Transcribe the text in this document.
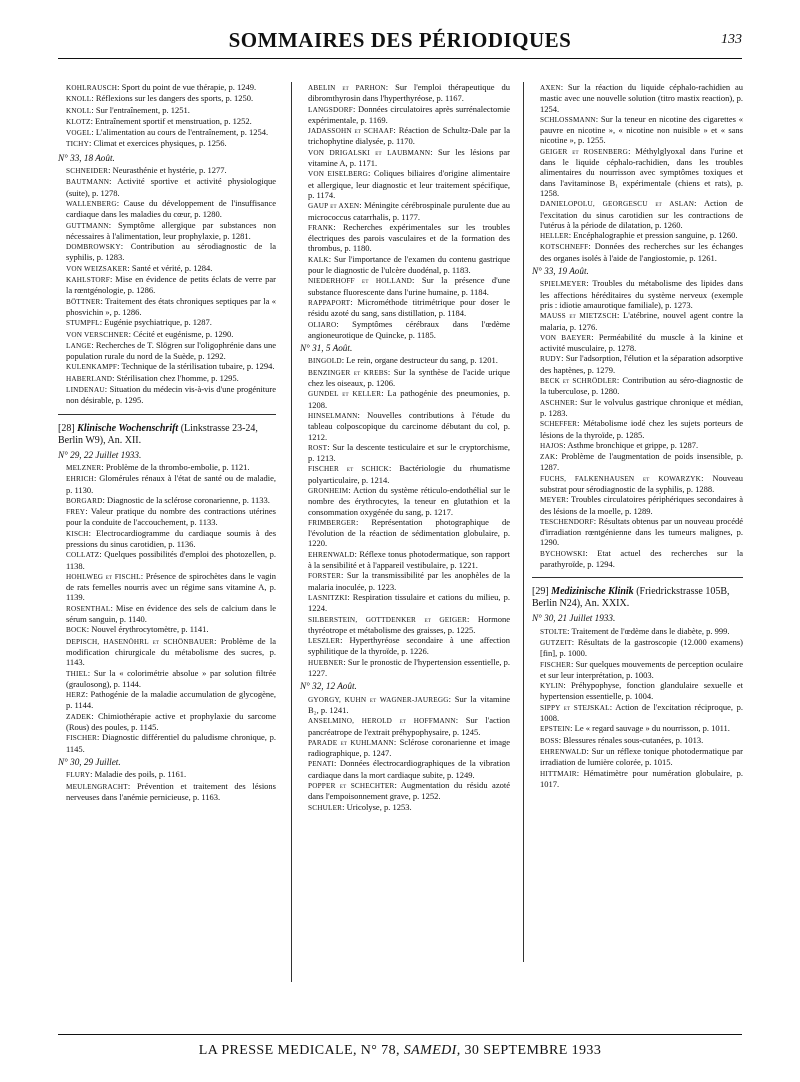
SOMMAIRES DES PÉRIODIQUES	133

KOHLRAUSCH: Sport du point de vue thérapie, p. 1249.

KNOLL: Réflexions sur les dangers des sports, p. 1250.

KNOLL: Sur l'entraînement, p. 1251.

KLOTZ: Entraînement sportif et menstruation, p. 1252.

VOGEL: L'alimentation au cours de l'entraînement, p. 1254.

TICHY: Climat et exercices physiques, p. 1256.

N° 33, 18 Août.

SCHNEIDER: Neurasthénie et hystérie, p. 1277.

BAUTMANN: Activité sportive et activité physiologique (suite), p. 1278.

WALLENBERG: Cause du développement de l'insuffisance cardiaque dans les maladies du cœur, p. 1280.

GUTTMANN: Symptôme allergique par substances non nécessaires à l'alimentation, leur prophylaxie, p. 1281.

DOMBROWSKY: Contribution au sérodiagnostic de la syphilis, p. 1283.

VON WEIZSAKER: Santé et vérité, p. 1284.

KAHLSTORF: Mise en évidence de petits éclats de verre par la rœntgénologie, p. 1286.

BÖTTNER: Traitement des états chroniques septiques par la « phosvichin », p. 1286.

STUMPFL: Eugénie psychiatrique, p. 1287.

VON VERSCHNER: Cécité et eugénisme, p. 1290.

LANGE: Recherches de T. Slögren sur l'oligophrénie dans une population rurale du nord de la Suède, p. 1292.

KULENKAMPF: Technique de la stérilisation tubaire, p. 1294.

HABERLAND: Stérilisation chez l'homme, p. 1295.

LINDENAU: Situation du médecin vis-à-vis d'une progéniture non désirable, p. 1295.

[28] Klinische Wochenschrift (Linkstrasse 23-24, Berlin W9), An. XII.
N° 29, 22 Juillet 1933.

MELZNER: Problème de la thrombo-embolie, p. 1121.

EHRICH: Glomérules rénaux à l'état de santé ou de maladie, p. 1130.

BORGARD: Diagnostic de la sclérose coronarienne, p. 1133.

FREY: Valeur pratique du nombre des contractions utérines pour la conduite de l'accouchement, p. 1133.

KISCH: Electrocardiogramme du cardiaque soumis à des pressions du sinus carotidien, p. 1136.

COLLATZ: Quelques possibilités d'emploi des photozellen, p. 1138.

HOHLWEG et FISCHL: Présence de spirochètes dans le vagin de rats femelles nourris avec un régime sans vitamine A, p. 1139.

ROSENTHAL: Mise en évidence des sels de calcium dans le sérum sanguin, p. 1140.

BOCK: Nouvel érythrocytomètre, p. 1141.

DEPISCH, HASENÖHRL et SCHÖNBAUER: Problème de la modification chirurgicale du métabolisme des sucres, p. 1143.

THIEL: Sur la « colorimétrie absolue » par solution filtrée (graulosong), p. 1144.

HERZ: Pathogénie de la maladie accumulation de glycogène, p. 1144.

ZADEK: Chimiothérapie active et prophylaxie du sarcome (Rous) des poules, p. 1145.

FISCHER: Diagnostic différentiel du paludisme chronique, p. 1145.

N° 30, 29 Juillet.

FLURY: Maladie des poils, p. 1161.

MEULENGRACHT: Prévention et traitement des lésions nerveuses dans l'anémie pernicieuse, p. 1163.

ABELIN et PARHON: Sur l'emploi thérapeutique du dibromthyrosin dans l'hyperthyréose, p. 1167.

LANGSDORF: Données circulatoires après surrénalectomie expérimentale, p. 1169.

JADASSOHN et SCHAAF: Réaction de Schultz-Dale par la trichophytine dialysée, p. 1170.

VON DRIGALSKI et LAUBMANN: Sur les lésions par vitamine A, p. 1171.

VON EISELBERG: Coliques biliaires d'origine alimentaire et allergique, leur diagnostic et leur traitement spécifique, p. 1174.

GAUP et AXEN: Méningite cérébrospinale purulente due au micrococcus catarrhalis, p. 1177.

FRANK: Recherches expérimentales sur les troubles électriques des parois vasculaires et de la formation des thrombus, p. 1180.

KALK: Sur l'importance de l'examen du contenu gastrique pour le diagnostic de l'ulcère duodénal, p. 1183.

NIEDERHOFF et HOLLAND: Sur la présence d'une substance fluorescente dans l'urine humaine, p. 1184.

RAPPAPORT: Microméthode titrimétrique pour doser le résidu azoté du sang, sans distillation, p. 1184.

OLIARO: Symptômes cérébraux dans l'œdème angioneurotique de Quincke, p. 1185.

N° 31, 5 Août.

BINGOLD: Le rein, organe destructeur du sang, p. 1201.

BENZINGER et KREBS: Sur la synthèse de l'acide urique chez les oiseaux, p. 1206.

GUNDEL et KELLER: La pathogénie des pneumonies, p. 1208.

HINSELMANN: Nouvelles contributions à l'étude du tableau colposcopique du carcinome débutant du col, p. 1212.

ROST: Sur la descente testiculaire et sur le cryptorchisme, p. 1213.

FISCHER et SCHICK: Bactériologie du rhumatisme polyarticulaire, p. 1214.

GRONHEIM: Action du système réticulo-endothélial sur le nombre des érythrocytes, la teneur en glutathion et la consommation oxygénée du sang, p. 1217.

FRIMBERGER: Représentation photographique de l'évolution de la réaction de sédimentation globulaire, p. 1220.

EHRENWALD: Réflexe tonus photodermatique, son rapport à la sensibilité et à l'appareil vestibulaire, p. 1221.

FORSTER: Sur la transmissibilité par les anophèles de la malaria inoculée, p. 1223.

LASNITZKI: Respiration tissulaire et cations du milieu, p. 1224.

SILBERSTEIN, GOTTDENKER et GEIGER: Hormone thyréotrope et métabolisme des graisses, p. 1225.

LESZLER: Hyperthyréose secondaire à une affection syphilitique de la thyroïde, p. 1226.

HUEBNER: Sur le pronostic de l'hypertension essentielle, p. 1227.

N° 32, 12 Août.

GYORGY, KUHN et WAGNER-JAUREGG: Sur la vitamine B₂, p. 1241.

ANSELMINO, HEROLD et HOFFMANN: Sur l'action pancréatrope de l'extrait préhypophysaire, p. 1245.

PARADE et KUHLMANN: Sclérose coronarienne et image radiographique, p. 1247.

PENATI: Données électrocardiographiques de la vibration cardiaque dans la mort cardiaque subite, p. 1249.

POPPER et SCHECHTER: Augmentation du résidu azoté dans l'empoisonnement grave, p. 1252.

SCHULER: Uricolyse, p. 1253.

AXEN: Sur la réaction du liquide céphalo-rachidien au mastic avec une nouvelle solution (titro mastix reaction), p. 1254.

SCHLOSSMANN: Sur la teneur en nicotine des cigarettes « pauvre en nicotine », « nicotine non nuisible » et « sans nicotine », p. 1255.

GEIGER et ROSENBERG: Méthylglyoxal dans l'urine et dans le liquide céphalo-rachidien, dans les troubles alimentaires du nourrisson avec symptômes toxiques et dans l'avitaminose B₁ expérimentale (chiens et rats), p. 1258.

DANIELOPOLU, GEORGESCU et ASLAN: Action de l'excitation du sinus carotidien sur les contractions de l'utérus à la période de dilatation, p. 1260.

HELLER: Encéphalographie et pression sanguine, p. 1260.

KOTSCHNEFF: Données des recherches sur les échanges des organes isolés à l'aide de l'angiostomie, p. 1261.

N° 33, 19 Août.

SPIELMEYER: Troubles du métabolisme des lipides dans les affections héréditaires du système nerveux (exemple pris : idiotie amaurotique familiale), p. 1273.

MAUSS et MIETZSCH: L'atébrine, nouvel agent contre la malaria, p. 1276.

VON BAEYER: Perméabilité du muscle à la kinine et activité musculaire, p. 1278.

RUDY: Sur l'adsorption, l'élution et la séparation adsorptive des haptènes, p. 1279.

BECK et SCHRÖDLER: Contribution au séro-diagnostic de la tuberculose, p. 1280.

ASCHNER: Sur le volvulus gastrique chronique et médian, p. 1283.

SCHEFFER: Métabolisme iodé chez les sujets porteurs de lésions de la thyroïde, p. 1285.

HAJOS: Asthme bronchique et grippe, p. 1287.

ZAK: Problème de l'augmentation de poids insensible, p. 1287.

FUCHS, FALKENHAUSEN et KOWARZYK: Nouveau substrat pour sérodiagnostic de la syphilis, p. 1288.

MEYER: Troubles circulatoires périphériques secondaires à des lésions de la moelle, p. 1289.

TESCHENDORF: Résultats obtenus par un nouveau procédé d'irradiation rœntgénienne dans les tumeurs malignes, p. 1290.

BYCHOWSKI: Etat actuel des recherches sur la parathyroïde, p. 1294.

[29] Medizinische Klinik (Friedrickstrasse 105B, Berlin N24), An. XXIX.
N° 30, 21 Juillet 1933.

STOLTE: Traitement de l'œdème dans le diabète, p. 999.

GUTZEIT: Résultats de la gastroscopie (12.000 examens) [fin], p. 1000.

FISCHER: Sur quelques mouvements de perception oculaire et sur leur interprétation, p. 1003.

KYLIN: Préhypophyse, fonction glandulaire sexuelle et hypertension essentielle, p. 1004.

SIPPY et STEJSKAL: Action de l'excitation réciproque, p. 1008.

EPSTEIN: Le « regard sauvage » du nourrisson, p. 1011.

BOSS: Blessures rénales sous-cutanées, p. 1013.

EHRENWALD: Sur un réflexe tonique photodermatique par irradiation de lumière colorée, p. 1015.

HITTMAIR: Hématimètre pour numération globulaire, p. 1017.

LA PRESSE MEDICALE, N° 78, SAMEDI, 30 SEPTEMBRE 1933
